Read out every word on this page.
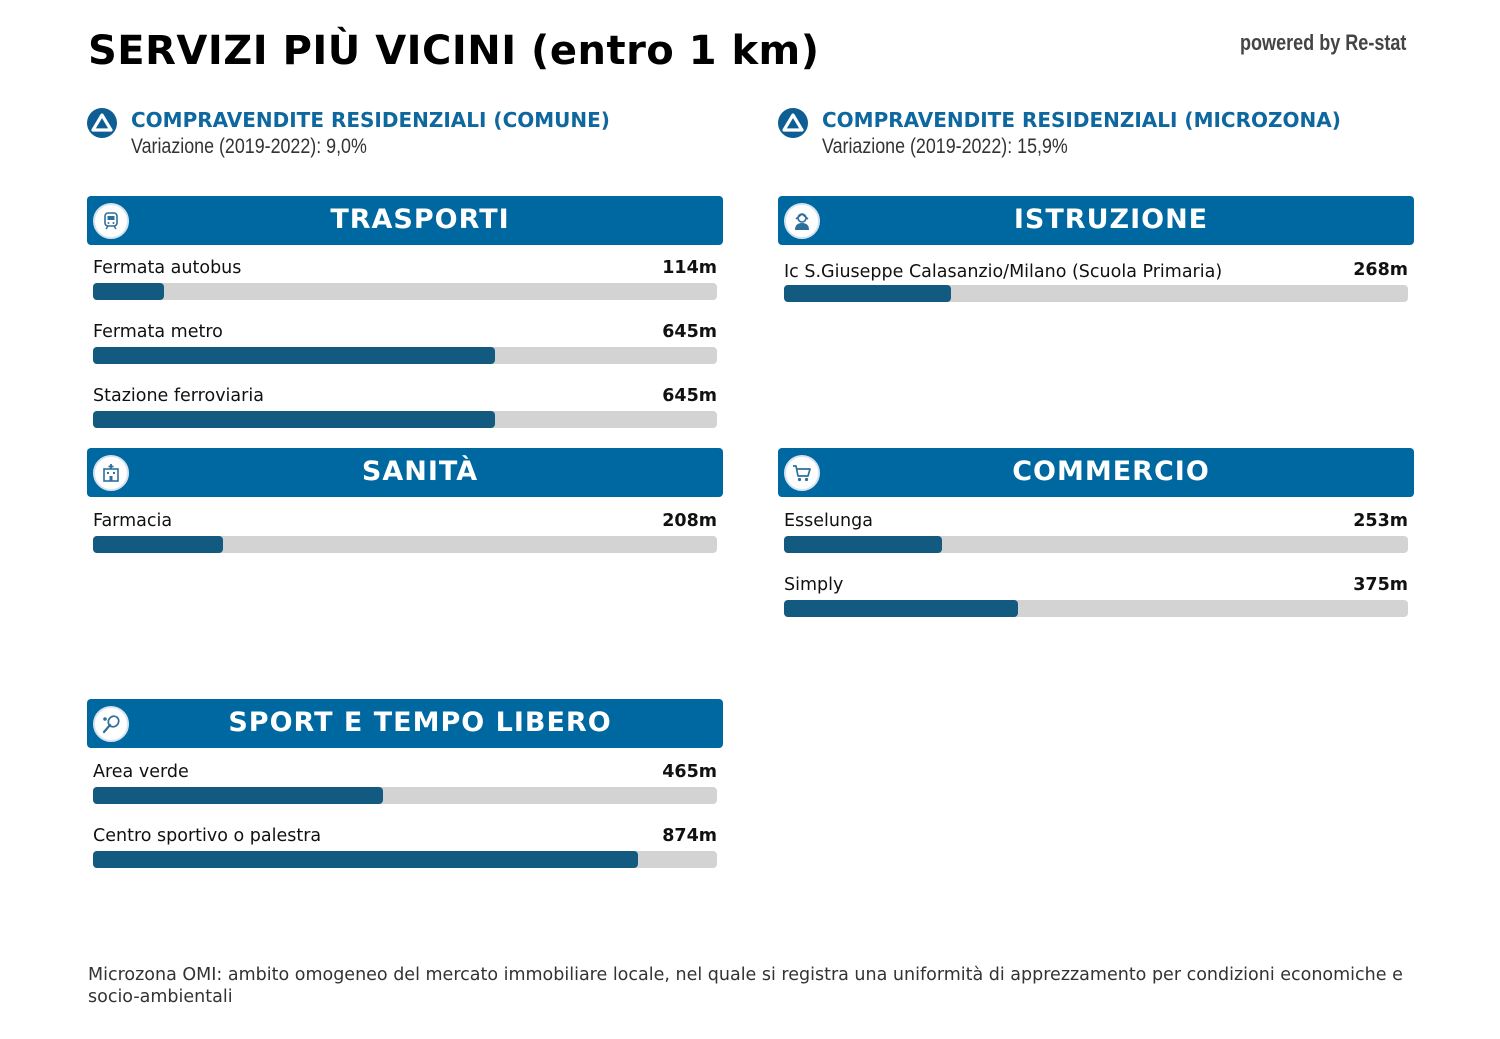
SERVIZI PIÙ VICINI (entro 1 km)	powered by Re-stat
COMPRAVENDITE RESIDENZIALI (COMUNE)
Variazione (2019-2022): 9,0%
COMPRAVENDITE RESIDENZIALI (MICROZONA)
Variazione (2019-2022): 15,9%
TRASPORTI
Fermata autobus	114m
Fermata metro	645m
Stazione ferroviaria	645m
ISTRUZIONE
Ic S.Giuseppe Calasanzio/Milano (Scuola Primaria)	268m
SANITÀ
Farmacia	208m
COMMERCIO
Esselunga	253m
Simply	375m
SPORT E TEMPO LIBERO
Area verde	465m
Centro sportivo o palestra	874m
Microzona OMI: ambito omogeneo del mercato immobiliare locale, nel quale si registra una uniformità di apprezzamento per condizioni economiche e socio-ambientali
